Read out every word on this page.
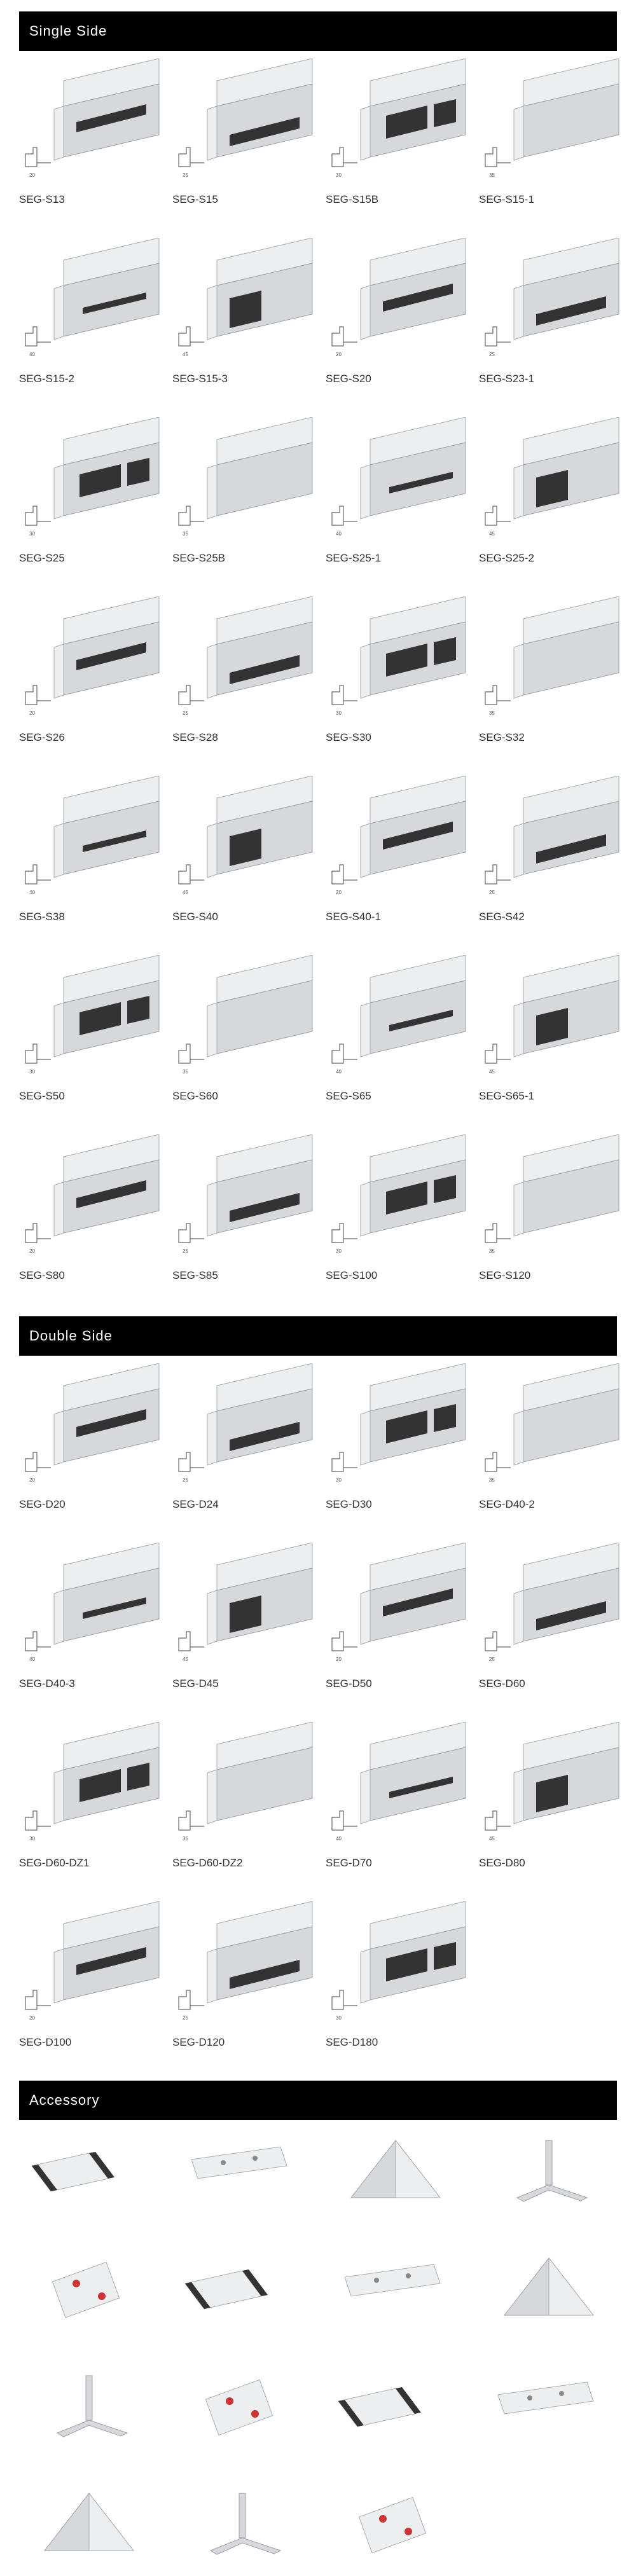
Single Side
20
SEG-S13
25
SEG-S15
30
SEG-S15B
35
SEG-S15-1
40
SEG-S15-2
45
SEG-S15-3
20
SEG-S20
25
SEG-S23-1
30
SEG-S25
35
SEG-S25B
40
SEG-S25-1
45
SEG-S25-2
20
SEG-S26
25
SEG-S28
30
SEG-S30
35
SEG-S32
40
SEG-S38
45
SEG-S40
20
SEG-S40-1
25
SEG-S42
30
SEG-S50
35
SEG-S60
40
SEG-S65
45
SEG-S65-1
20
SEG-S80
25
SEG-S85
30
SEG-S100
35
SEG-S120
Double Side
20
SEG-D20
25
SEG-D24
30
SEG-D30
35
SEG-D40-2
40
SEG-D40-3
45
SEG-D45
20
SEG-D50
25
SEG-D60
30
SEG-D60-DZ1
35
SEG-D60-DZ2
40
SEG-D70
45
SEG-D80
20
SEG-D100
25
SEG-D120
30
SEG-D180
Accessory
